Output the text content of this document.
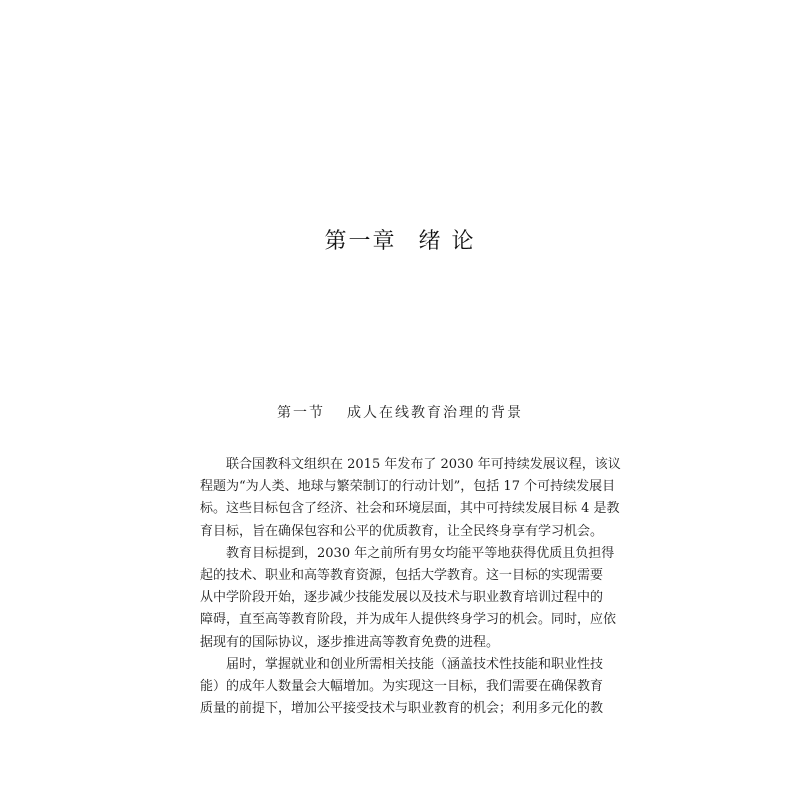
第一章 绪 论
第一节 成人在线教育治理的背景
联合国教科文组织在 2015 年发布了 2030 年可持续发展议程，该议
程题为“为人类、地球与繁荣制订的行动计划”，包括 17 个可持续发展目
标。这些目标包含了经济、社会和环境层面，其中可持续发展目标 4 是教
育目标，旨在确保包容和公平的优质教育，让全民终身享有学习机会。
教育目标提到，2030 年之前所有男女均能平等地获得优质且负担得
起的技术、职业和高等教育资源，包括大学教育。这一目标的实现需要
从中学阶段开始，逐步减少技能发展以及技术与职业教育培训过程中的
障碍，直至高等教育阶段，并为成年人提供终身学习的机会。同时，应依
据现有的国际协议，逐步推进高等教育免费的进程。
届时，掌握就业和创业所需相关技能（涵盖技术性技能和职业性技
能）的成年人数量会大幅增加。为实现这一目标，我们需要在确保教育
质量的前提下，增加公平接受技术与职业教育的机会；利用多元化的教
